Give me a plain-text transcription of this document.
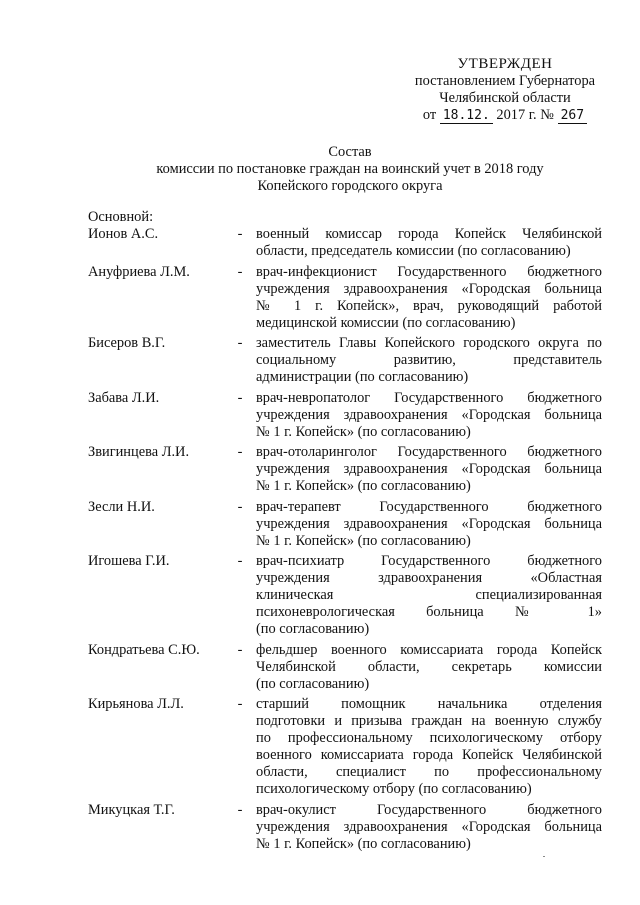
УТВЕРЖДЕН
постановлением Губернатора
Челябинской области
от 18.12. 2017 г. № 267
Состав
комиссии по постановке граждан на воинский учет в 2018 году
Копейского городского округа
Основной:
Ионов А.С.	- военный комиссар города Копейск Челябинской
области, председатель комиссии (по согласованию)
Ануфриева Л.М.	- врач-инфекционист Государственного бюджетного
учреждения здравоохранения «Городская больница
№ 1 г. Копейск», врач, руководящий работой
медицинской комиссии (по согласованию)
Бисеров В.Г.	- заместитель Главы Копейского городского округа по
социальному развитию, представитель
администрации (по согласованию)
Забава Л.И.	- врач-невропатолог Государственного бюджетного
учреждения здравоохранения «Городская больница
№ 1 г. Копейск» (по согласованию)
Звигинцева Л.И.	- врач-отоларинголог Государственного бюджетного
учреждения здравоохранения «Городская больница
№ 1 г. Копейск» (по согласованию)
Зесли Н.И.	- врач-терапевт Государственного бюджетного
учреждения здравоохранения «Городская больница
№ 1 г. Копейск» (по согласованию)
Игошева Г.И.	- врач-психиатр Государственного бюджетного
учреждения здравоохранения «Областная
клиническая специализированная
психоневрологическая больница № 1»
(по согласованию)
Кондратьева С.Ю.	- фельдшер военного комиссариата города Копейск
Челябинской области, секретарь комиссии
(по согласованию)
Кирьянова Л.Л.	- старший помощник начальника отделения
подготовки и призыва граждан на военную службу
по профессиональному психологическому отбору
военного комиссариата города Копейск Челябинской
области, специалист по профессиональному
психологическому отбору (по согласованию)
Микуцкая Т.Г.	- врач-окулист Государственного бюджетного
учреждения здравоохранения «Городская больница
№ 1 г. Копейск» (по согласованию)
